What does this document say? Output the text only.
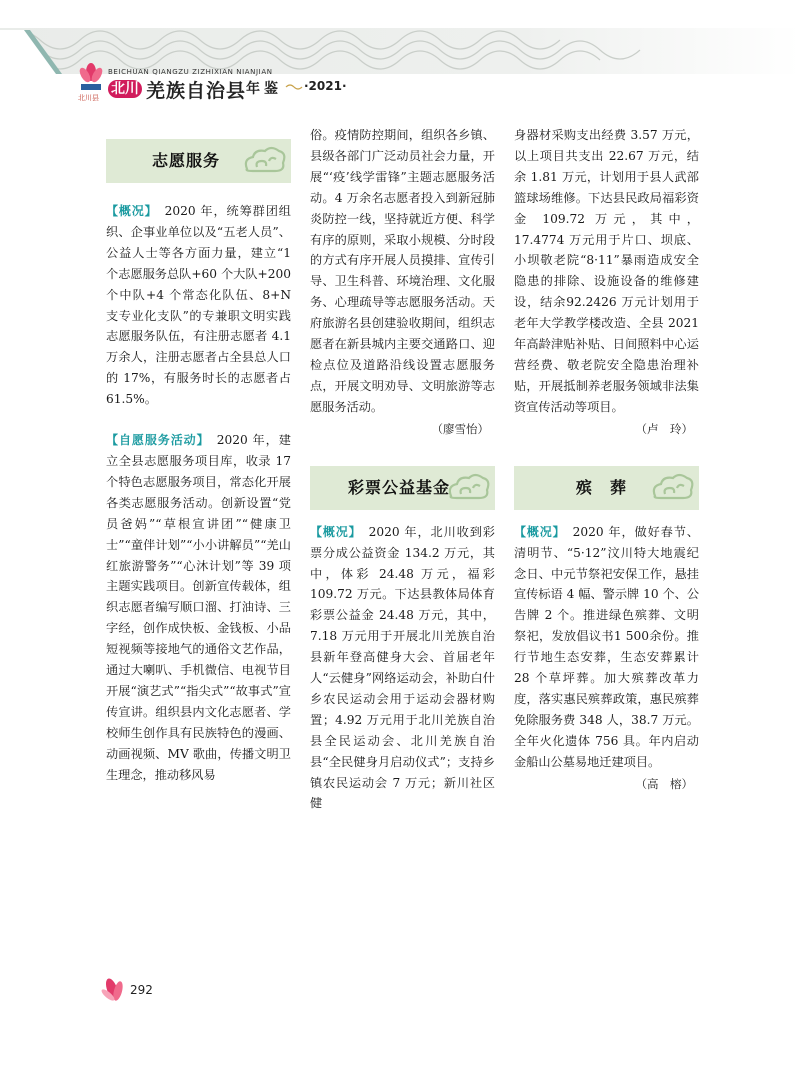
北川县
BEICHUAN QIANGZU ZIZHIXIAN NIANJIAN
北川 羌族自治县 年鉴 ·2021·
志愿服务

【概况】　2020 年，统筹群团组织、企事业单位以及“五老人员”、公益人士等各方面力量，建立“1 个志愿服务总队+60 个大队+200 个中队+4 个常态化队伍、8+N 支专业化支队”的专兼职文明实践志愿服务队伍，有注册志愿者 4.1 万余人，注册志愿者占全县总人口的 17%，有服务时长的志愿者占 61.5%。

【自愿服务活动】　2020 年，建立全县志愿服务项目库，收录 17 个特色志愿服务项目，常态化开展各类志愿服务活动。创新设置“党员爸妈”“草根宣讲团”“健康卫士”“童伴计划”“小小讲解员”“羌山红旅游警务”“心沐计划”等 39 项主题实践项目。创新宣传载体，组织志愿者编写顺口溜、打油诗、三字经，创作成快板、金钱板、小品短视频等接地气的通俗文艺作品，通过大喇叭、手机微信、电视节目开展“演艺式”“指尖式”“故事式”宣传宣讲。组织县内文化志愿者、学校师生创作具有民族特色的漫画、动画视频、MV 歌曲，传播文明卫生理念，推动移风易

俗。疫情防控期间，组织各乡镇、县级各部门广泛动员社会力量，开展“‘疫’线学雷锋”主题志愿服务活动。4 万余名志愿者投入到新冠肺炎防控一线，坚持就近方便、科学有序的原则，采取小规模、分时段的方式有序开展人员摸排、宣传引导、卫生科普、环境治理、文化服务、心理疏导等志愿服务活动。天府旅游名县创建验收期间，组织志愿者在新县城内主要交通路口、迎检点位及道路沿线设置志愿服务点，开展文明劝导、文明旅游等志愿服务活动。

（廖雪怡）

彩票公益基金

【概况】　2020 年，北川收到彩票分成公益资金 134.2 万元，其中，体彩 24.48 万元，福彩 109.72 万元。下达县教体局体育彩票公益金 24.48 万元，其中，7.18 万元用于开展北川羌族自治县新年登高健身大会、首届老年人“云健身”网络运动会，补助白什乡农民运动会用于运动会器材购置；4.92 万元用于北川羌族自治县全民运动会、北川羌族自治县“全民健身月启动仪式”；支持乡镇农民运动会 7 万元；新川社区健

身器材采购支出经费 3.57 万元，以上项目共支出 22.67 万元，结余 1.81 万元，计划用于县人武部篮球场维修。下达县民政局福彩资金 109.72 万元，其中，17.4774 万元用于片口、坝底、小坝敬老院“8·11”暴雨造成安全隐患的排除、设施设备的维修建设，结余92.2426 万元计划用于老年大学教学楼改造、全县 2021 年高龄津贴补贴、日间照料中心运营经费、敬老院安全隐患治理补贴，开展抵制养老服务领域非法集资宣传活动等项目。

（卢　玲）

殡　葬

【概况】　2020 年，做好春节、清明节、“5·12”汶川特大地震纪念日、中元节祭祀安保工作，悬挂宣传标语 4 幅、警示牌 10 个、公告牌 2 个。推进绿色殡葬、文明祭祀，发放倡议书1 500余份。推行节地生态安葬，生态安葬累计 28 个草坪葬。加大殡葬改革力度，落实惠民殡葬政策，惠民殡葬免除服务费 348 人，38.7 万元。全年火化遗体 756 具。年内启动金船山公墓易地迁建项目。

（高　榕）

292
